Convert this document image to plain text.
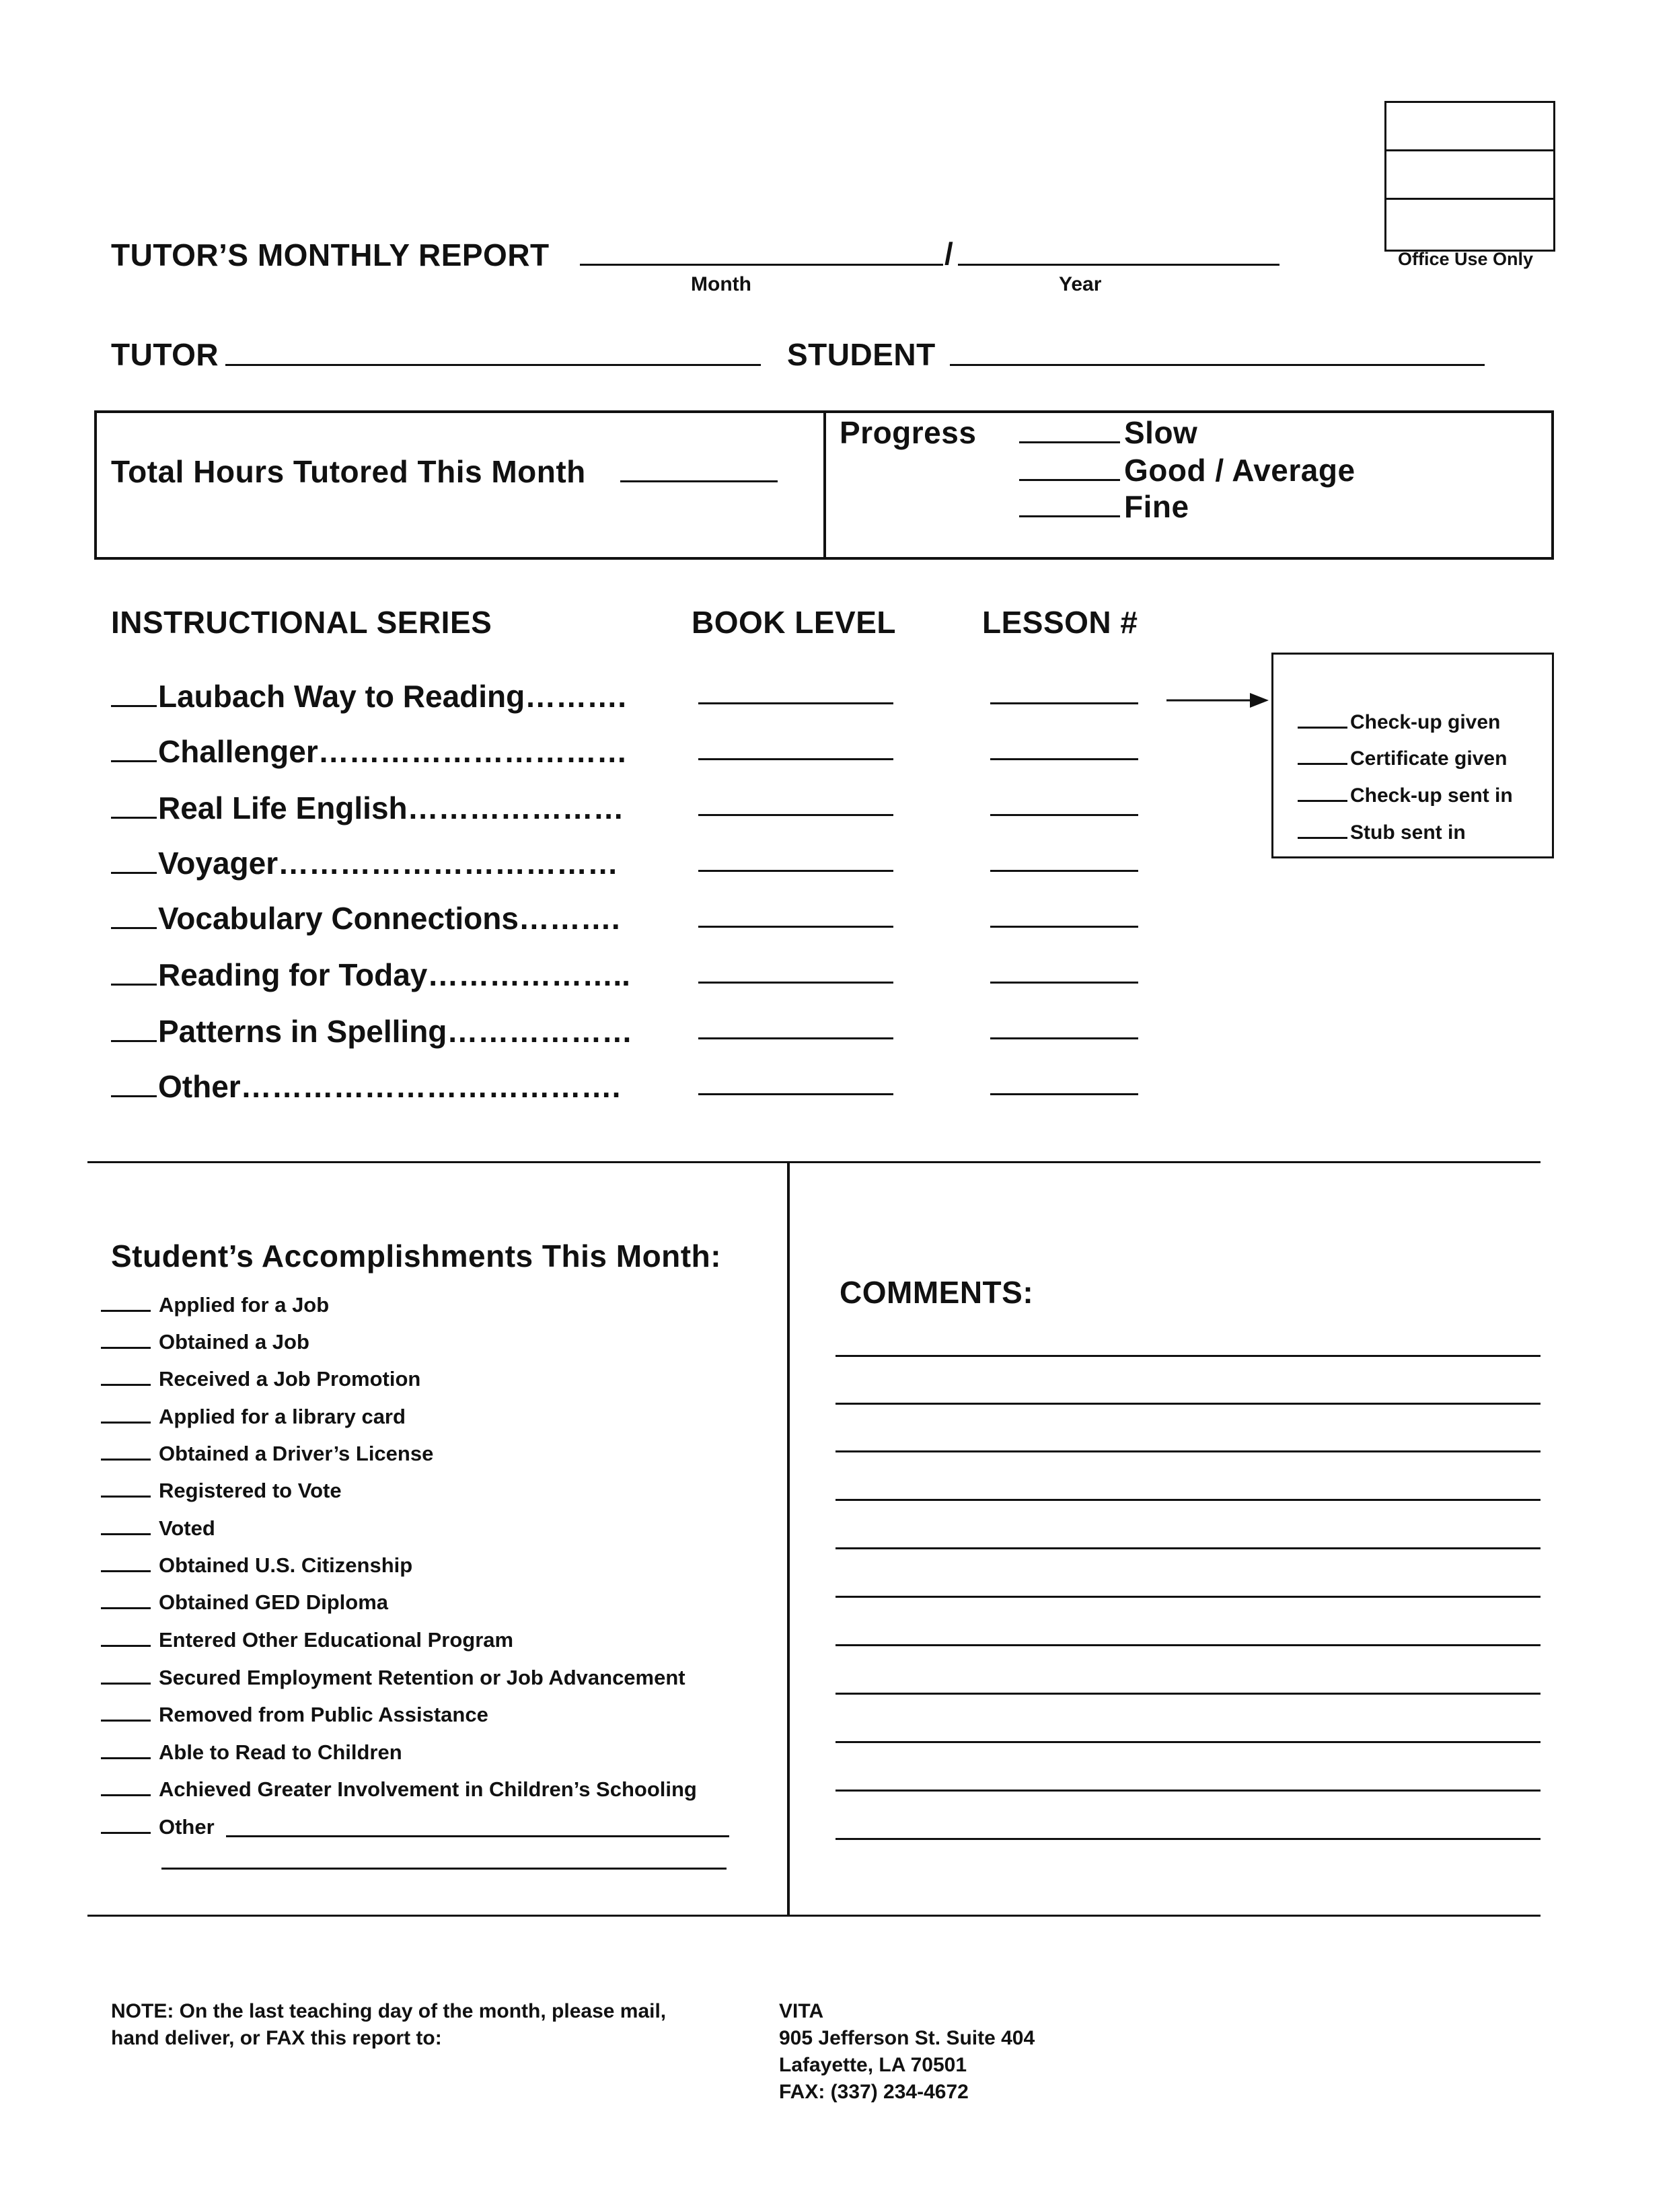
Office Use Only
TUTOR’S MONTHLY REPORT	/
Month	Year
TUTOR	STUDENT
Total Hours Tutored This Month
Progress	Slow
Good / Average
Fine
INSTRUCTIONAL SERIES	BOOK LEVEL	LESSON #
Laubach Way to Reading……….
Challenger…………………………
Real Life English…………………
Voyager……………………………
Vocabulary Connections……….
Reading for Today………………..
Patterns in Spelling………………
Other……………………………….
Check-up given
Certificate given
Check-up sent in
Stub sent in
Student’s Accomplishments This Month:
Applied for a Job
Obtained a Job
Received a Job Promotion
Applied for a library card
Obtained a Driver’s License
Registered to Vote
Voted
Obtained U.S. Citizenship
Obtained GED Diploma
Entered Other Educational Program
Secured Employment Retention or Job Advancement
Removed from Public Assistance
Able to Read to Children
Achieved Greater Involvement in Children’s Schooling
Other
COMMENTS:
NOTE: On the last teaching day of the month, please mail, hand deliver, or FAX this report to:
VITA
905 Jefferson St. Suite 404
Lafayette, LA 70501
FAX: (337) 234-4672
